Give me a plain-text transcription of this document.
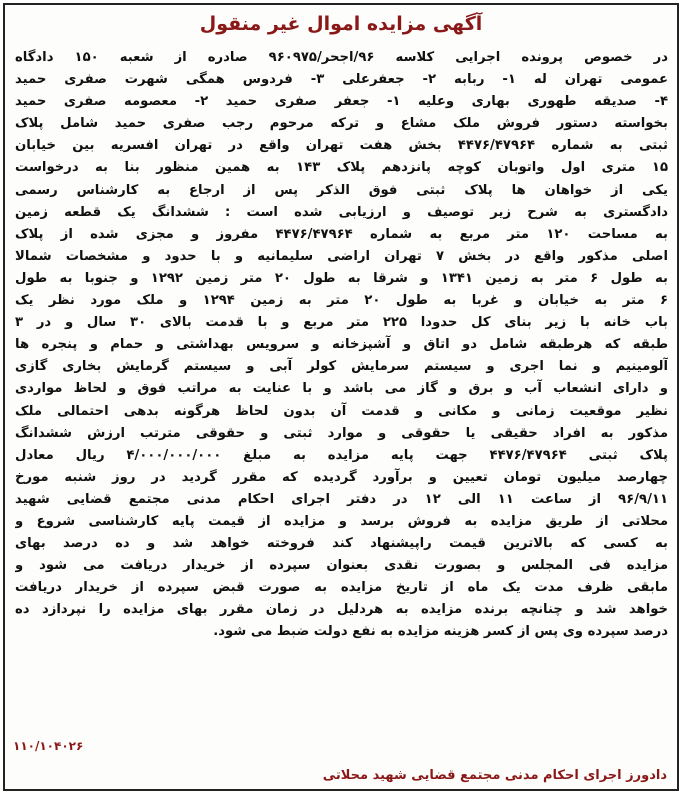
آگهی مزایده اموال غیر منقول
در خصوص پرونده اجرایی کلاسه ۹۶/اجحر/۹۶۰۹۷۵ صادره از شعبه ۱۵۰ دادگاه
عمومی تهران له ۱- ربابه ۲- جعفرعلی ۳- فردوس همگی شهرت صفری حمید
۴- صدیقه طهوری بهاری وعلیه ۱- جعفر صفری حمید ۲- معصومه صفری حمید
بخواسته دستور فروش ملک مشاع و ترکه مرحوم رجب صفری حمید شامل پلاک
ثبتی به شماره ۴۴۷۶/۴۷۹۶۴ بخش هفت تهران واقع در تهران افسریه بین خیابان
۱۵ متری اول واتوبان کوچه پانزدهم پلاک ۱۴۳ به همین منظور بنا به درخواست
یکی از خواهان ها پلاک ثبتی فوق الذکر پس از ارجاع به کارشناس رسمی
دادگستری به شرح زیر توصیف و ارزیابی شده است : ششدانگ یک قطعه زمین
به مساحت ۱۲۰ متر مربع به شماره ۴۴۷۶/۴۷۹۶۴ مفروز و مجزی شده از پلاک
اصلی مذکور واقع در بخش ۷ تهران اراضی سلیمانیه و با حدود و مشخصات شمالا
به طول ۶ متر به زمین ۱۳۴۱ و شرقا به طول ۲۰ متر زمین ۱۲۹۲ و جنوبا به طول
۶ متر به خیابان و غربا به طول ۲۰ متر به زمین ۱۲۹۴ و ملک مورد نظر یک
باب خانه با زیر بنای کل حدودا ۲۲۵ متر مربع و با قدمت بالای ۳۰ سال و در ۳
طبقه که هرطبقه شامل دو اتاق و آشپزخانه و سرویس بهداشتی و حمام و پنجره ها
آلومینیم و نما اجری و سیستم سرمایش کولر آبی و سیستم گرمایش بخاری گازی
و دارای انشعاب آب و برق و گاز می باشد و با عنایت به مراتب فوق و لحاظ مواردی
نظیر موقعیت زمانی و مکانی و قدمت آن بدون لحاظ هرگونه بدهی احتمالی ملک
مذکور به افراد حقیقی یا حقوقی و موارد ثبتی و حقوقی مترتب ارزش ششدانگ
پلاک ثبتی ۴۴۷۶/۴۷۹۶۴ جهت پایه مزایده به مبلغ ۴/۰۰۰/۰۰۰/۰۰۰ ریال معادل
چهارصد میلیون تومان تعیین و برآورد گردیده که مقرر گردید در روز شنبه مورخ
۹۶/۹/۱۱ از ساعت ۱۱ الی ۱۲ در دفتر اجرای احکام مدنی مجتمع قضایی شهید
محلاتی از طریق مزایده به فروش برسد و مزایده از قیمت پایه کارشناسی شروع و
به کسی که بالاترین قیمت راپیشنهاد کند فروخته خواهد شد و ده درصد بهای
مزایده فی المجلس و بصورت نقدی بعنوان سپرده از خریدار دریافت می شود و
مابقی ظرف مدت یک ماه از تاریخ مزایده به صورت قبض سپرده از خریدار دریافت
خواهد شد و چنانچه برنده مزایده به هردلیل در زمان مقرر بهای مزایده را نپردازد ده
درصد سپرده وی پس از کسر هزینه مزایده به نفع دولت ضبط می شود.
۱۱۰/۱۰۴۰۲۶
دادورز اجرای احکام مدنی مجتمع قضایی شهید محلاتی
